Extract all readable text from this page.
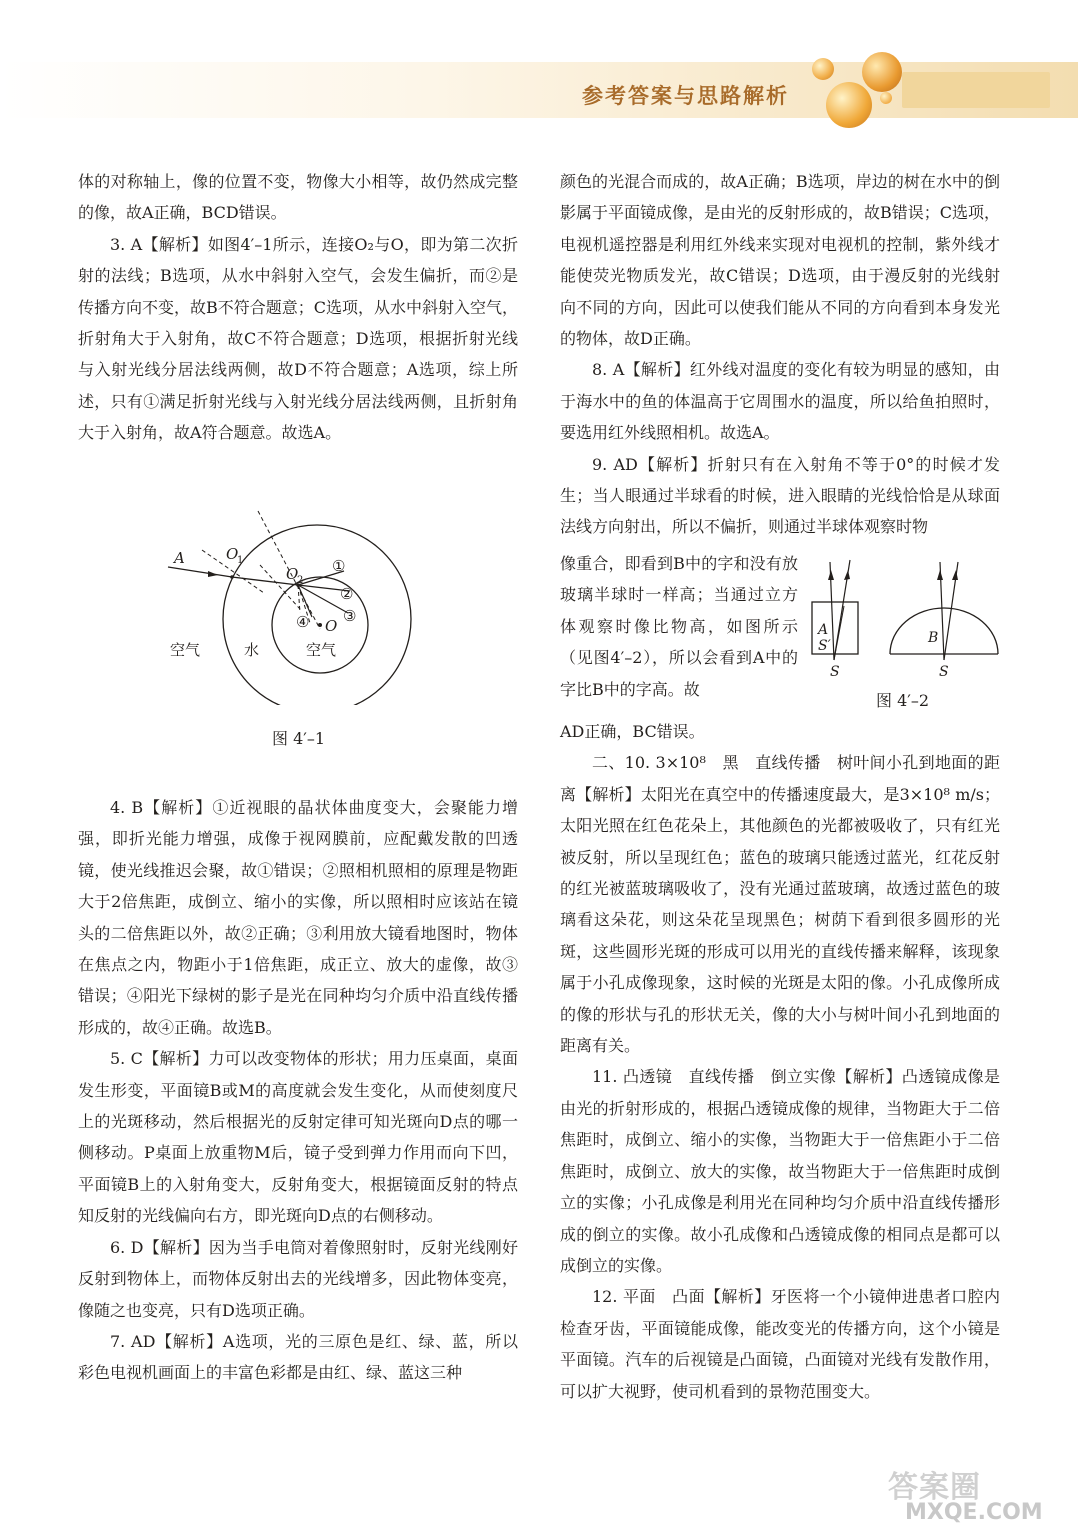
参考答案与思路解析

体的对称轴上，像的位置不变，物像大小相等，故仍然成完整的像，故A正确，BCD错误。

3. A【解析】如图4′–1所示，连接O₂与O，即为第二次折射的法线；B选项，从水中斜射入空气，会发生偏折，而②是传播方向不变，故B不符合题意；C选项，从水中斜射入空气，折射角大于入射角，故C不符合题意；D选项，根据折射光线与入射光线分居法线两侧，故D不符合题意；A选项，综上所述，只有①满足折射光线与入射光线分居法线两侧，且折射角大于入射角，故A符合题意。故选A。

A	O
1
O
2
O
①
②
③
④
空气	水	空气
图 4′–1

4. B【解析】①近视眼的晶状体曲度变大，会聚能力增强，即折光能力增强，成像于视网膜前，应配戴发散的凹透镜，使光线推迟会聚，故①错误；②照相机照相的原理是物距大于2倍焦距，成倒立、缩小的实像，所以照相时应该站在镜头的二倍焦距以外，故②正确；③利用放大镜看地图时，物体在焦点之内，物距小于1倍焦距，成正立、放大的虚像，故③错误；④阳光下绿树的影子是光在同种均匀介质中沿直线传播形成的，故④正确。故选B。

5. C【解析】力可以改变物体的形状；用力压桌面，桌面发生形变，平面镜B或M的高度就会发生变化，从而使刻度尺上的光斑移动，然后根据光的反射定律可知光斑向D点的哪一侧移动。P桌面上放重物M后，镜子受到弹力作用而向下凹，平面镜B上的入射角变大，反射角变大，根据镜面反射的特点知反射的光线偏向右方，即光斑向D点的右侧移动。

6. D【解析】因为当手电筒对着像照射时，反射光线刚好反射到物体上，而物体反射出去的光线增多，因此物体变亮，像随之也变亮，只有D选项正确。

7. AD【解析】A选项，光的三原色是红、绿、蓝，所以彩色电视机画面上的丰富色彩都是由红、绿、蓝这三种

颜色的光混合而成的，故A正确；B选项，岸边的树在水中的倒影属于平面镜成像，是由光的反射形成的，故B错误；C选项，电视机遥控器是利用红外线来实现对电视机的控制，紫外线才能使荧光物质发光，故C错误；D选项，由于漫反射的光线射向不同的方向，因此可以使我们能从不同的方向看到本身发光的物体，故D正确。

8. A【解析】红外线对温度的变化有较为明显的感知，由于海水中的鱼的体温高于它周围水的温度，所以给鱼拍照时，要选用红外线照相机。故选A。

9. AD【解析】折射只有在入射角不等于0°的时候才发生；当人眼通过半球看的时候，进入眼睛的光线恰恰是从球面法线方向射出，所以不偏折，则通过半球体观察时物

像重合，即看到B中的字和没有放玻璃半球时一样高；当通过立方体观察时像比物高，如图所示（见图4′–2），所以会看到A中的字比B中的字高。故
A
S′
S
B
S
图 4′–2

AD正确，BC错误。

二、10. 3×10⁸　黑　直线传播　树叶间小孔到地面的距离【解析】太阳光在真空中的传播速度最大，是3×10⁸ m/s；太阳光照在红色花朵上，其他颜色的光都被吸收了，只有红光被反射，所以呈现红色；蓝色的玻璃只能透过蓝光，红花反射的红光被蓝玻璃吸收了，没有光通过蓝玻璃，故透过蓝色的玻璃看这朵花，则这朵花呈现黑色；树荫下看到很多圆形的光斑，这些圆形光斑的形成可以用光的直线传播来解释，该现象属于小孔成像现象，这时候的光斑是太阳的像。小孔成像所成的像的形状与孔的形状无关，像的大小与树叶间小孔到地面的距离有关。

11. 凸透镜　直线传播　倒立实像【解析】凸透镜成像是由光的折射形成的，根据凸透镜成像的规律，当物距大于二倍焦距时，成倒立、缩小的实像，当物距大于一倍焦距小于二倍焦距时，成倒立、放大的实像，故当物距大于一倍焦距时成倒立的实像；小孔成像是利用光在同种均匀介质中沿直线传播形成的倒立的实像。故小孔成像和凸透镜成像的相同点是都可以成倒立的实像。

12. 平面　凸面【解析】牙医将一个小镜伸进患者口腔内检查牙齿，平面镜能成像，能改变光的传播方向，这个小镜是平面镜。汽车的后视镜是凸面镜，凸面镜对光线有发散作用，可以扩大视野，使司机看到的景物范围变大。

答案圈
MXQE.COM
